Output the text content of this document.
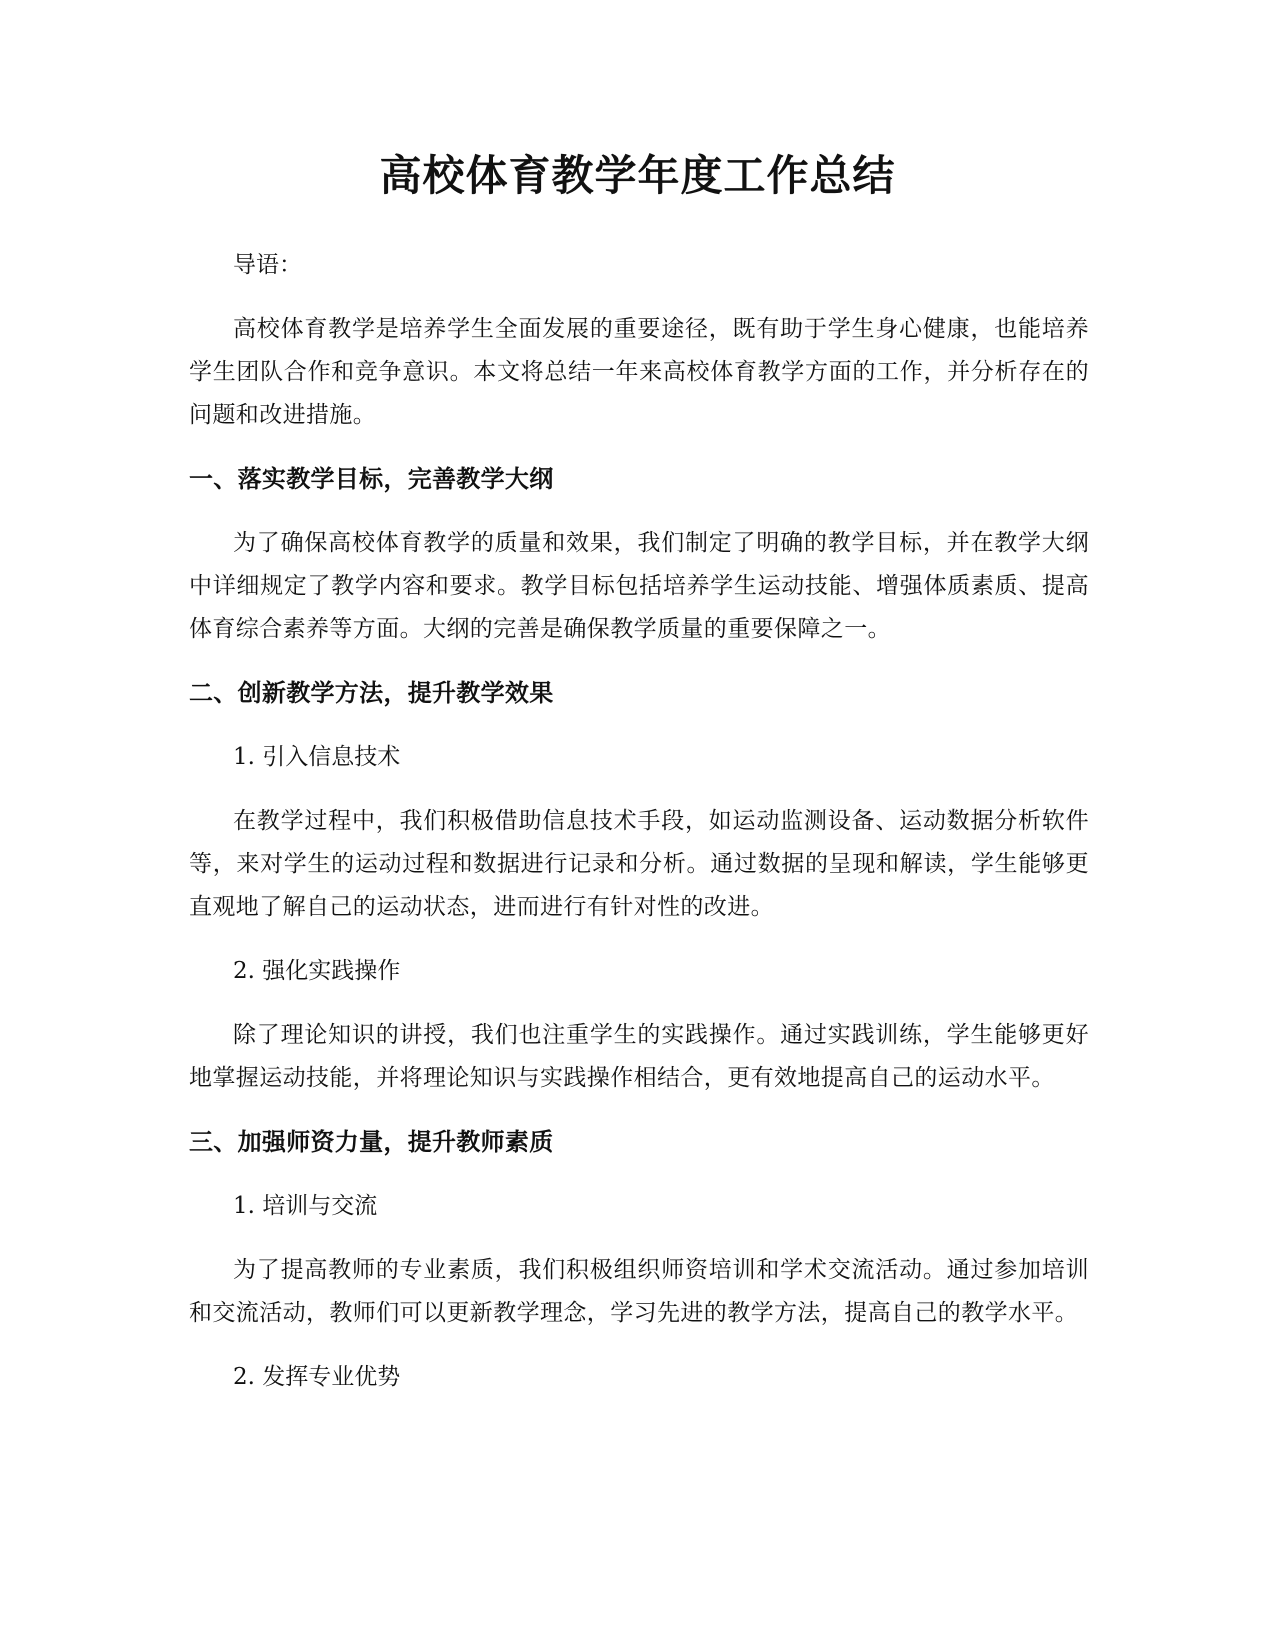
高校体育教学年度工作总结

导语：

高校体育教学是培养学生全面发展的重要途径，既有助于学生身心健康，也能培养学生团队合作和竞争意识。本文将总结一年来高校体育教学方面的工作，并分析存在的问题和改进措施。

一、落实教学目标，完善教学大纲

为了确保高校体育教学的质量和效果，我们制定了明确的教学目标，并在教学大纲中详细规定了教学内容和要求。教学目标包括培养学生运动技能、增强体质素质、提高体育综合素养等方面。大纲的完善是确保教学质量的重要保障之一。

二、创新教学方法，提升教学效果

1. 引入信息技术

在教学过程中，我们积极借助信息技术手段，如运动监测设备、运动数据分析软件等，来对学生的运动过程和数据进行记录和分析。通过数据的呈现和解读，学生能够更直观地了解自己的运动状态，进而进行有针对性的改进。

2. 强化实践操作

除了理论知识的讲授，我们也注重学生的实践操作。通过实践训练，学生能够更好地掌握运动技能，并将理论知识与实践操作相结合，更有效地提高自己的运动水平。

三、加强师资力量，提升教师素质

1. 培训与交流

为了提高教师的专业素质，我们积极组织师资培训和学术交流活动。通过参加培训和交流活动，教师们可以更新教学理念，学习先进的教学方法，提高自己的教学水平。

2. 发挥专业优势
